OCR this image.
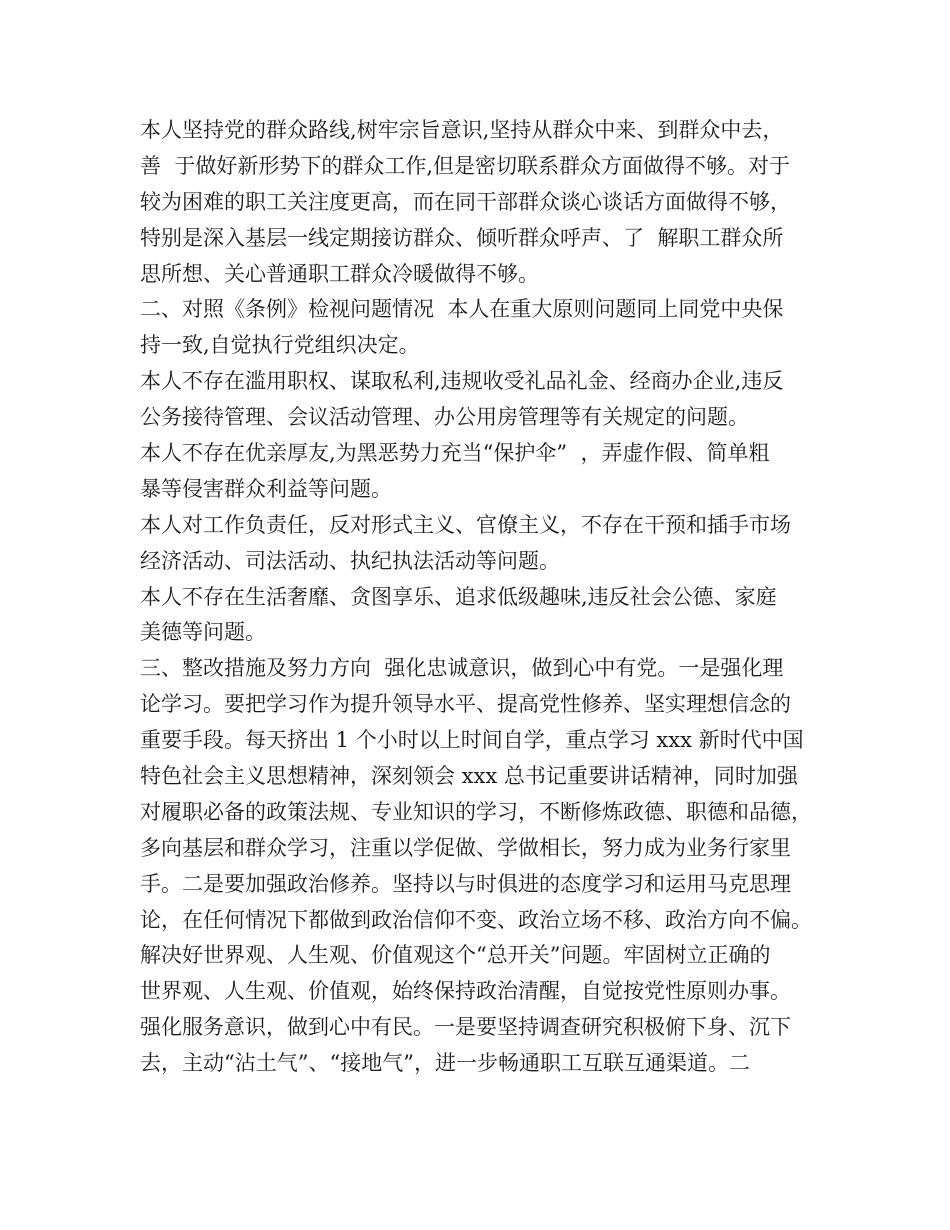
本人坚持党的群众路线,树牢宗旨意识,坚持从群众中来、到群众中去，
善  于做好新形势下的群众工作,但是密切联系群众方面做得不够。对于
较为困难的职工关注度更高，而在同干部群众谈心谈话方面做得不够，
特别是深入基层一线定期接访群众、倾听群众呼声、了  解职工群众所
思所想、关心普通职工群众冷暖做得不够。
二、对照《条例》检视问题情况  本人在重大原则问题同上同党中央保
持一致,自觉执行党组织决定。
本人不存在滥用职权、谋取私利,违规收受礼品礼金、经商办企业,违反
公务接待管理、会议活动管理、办公用房管理等有关规定的问题。
本人不存在优亲厚友,为黑恶势力充当“保护伞”  ，弄虚作假、简单粗
暴等侵害群众利益等问题。
本人对工作负责任，反对形式主义、官僚主义，不存在干预和插手市场
经济活动、司法活动、执纪执法活动等问题。
本人不存在生活奢靡、贪图享乐、追求低级趣味,违反社会公德、家庭
美德等问题。
三、整改措施及努力方向  强化忠诚意识，做到心中有党。一是强化理
论学习。要把学习作为提升领导水平、提高党性修养、坚实理想信念的
重要手段。每天挤出 1 个小时以上时间自学，重点学习 xxx 新时代中国
特色社会主义思想精神，深刻领会 xxx 总书记重要讲话精神，同时加强
对履职必备的政策法规、专业知识的学习，不断修炼政德、职德和品德，
多向基层和群众学习，注重以学促做、学做相长，努力成为业务行家里
手。二是要加强政治修养。坚持以与时俱进的态度学习和运用马克思理
论，在任何情况下都做到政治信仰不变、政治立场不移、政治方向不偏。
解决好世界观、人生观、价值观这个“总开关”问题。牢固树立正确的
世界观、人生观、价值观，始终保持政治清醒，自觉按党性原则办事。
强化服务意识，做到心中有民。一是要坚持调查研究积极俯下身、沉下
去，主动“沾土气”、“接地气”，进一步畅通职工互联互通渠道。二
